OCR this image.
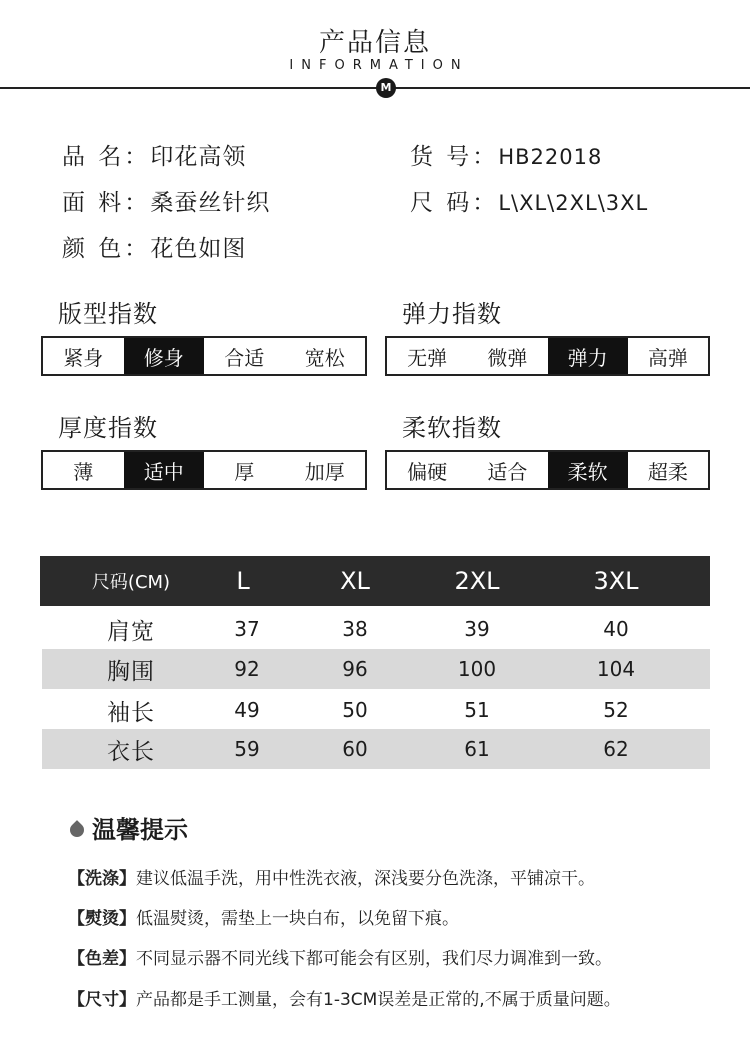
产品信息
INFORMATION
M
品 名：印花高领	货 号：HB22018
面 料：桑蚕丝针织	尺 码：L\XL\2XL\3XL
颜 色：花色如图
版型指数
紧身	修身	合适	宽松
弹力指数
无弹	微弹	弹力	高弹
厚度指数
薄	适中	厚	加厚
柔软指数
偏硬	适合	柔软	超柔
尺码(CM)	L	XL	2XL	3XL
肩宽	37	38	39	40
胸围	92	96	100	104
袖长	49	50	51	52
衣长	59	60	61	62
温馨提示
【洗涤】建议低温手洗，用中性洗衣液，深浅要分色洗涤，平铺凉干。
【熨烫】低温熨烫，需垫上一块白布，以免留下痕。
【色差】不同显示器不同光线下都可能会有区别，我们尽力调准到一致。
【尺寸】产品都是手工测量，会有1-3CM误差是正常的,不属于质量问题。
